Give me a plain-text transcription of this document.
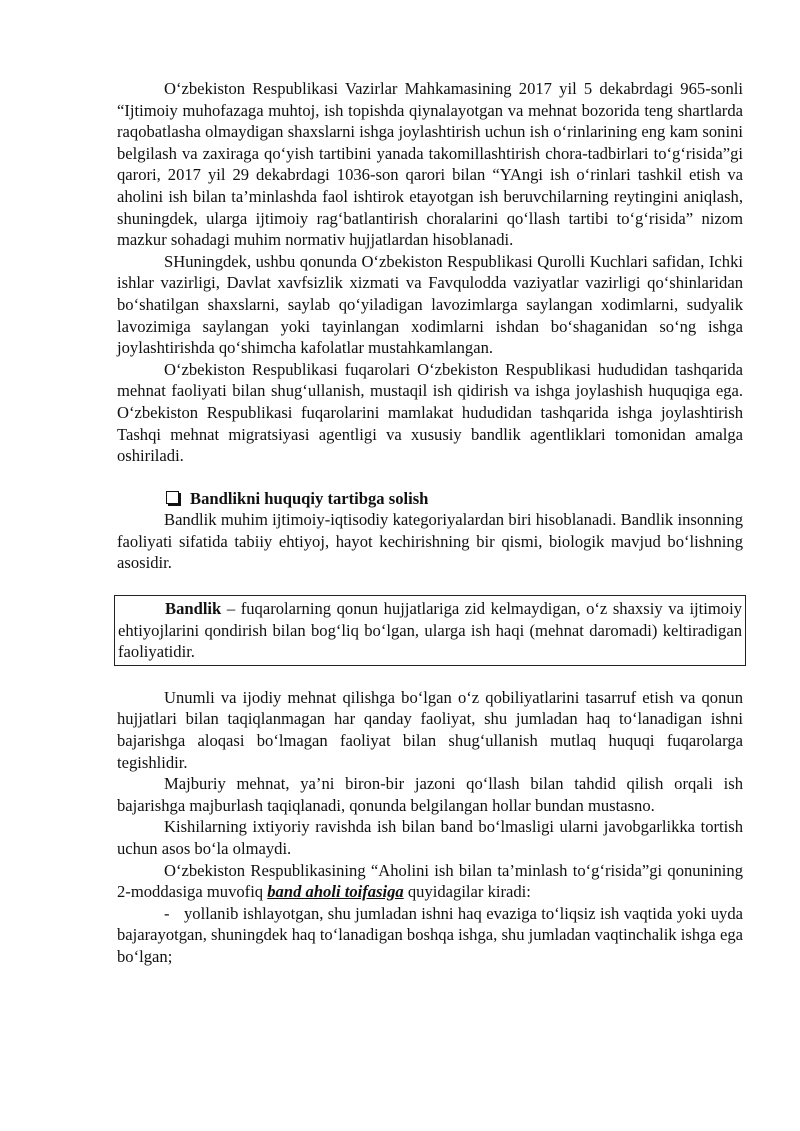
O‘zbekiston Respublikasi Vazirlar Mahkamasining 2017 yil 5 dekabrdagi 965-sonli “Ijtimoiy muhofazaga muhtoj, ish topishda qiynalayotgan va mehnat bozorida teng shartlarda raqobatlasha olmaydigan shaxslarni ishga joylashtirish uchun ish o‘rinlarining eng kam sonini belgilash va zaxiraga qo‘yish tartibini yanada takomillashtirish chora-tadbirlari to‘g‘risida”gi qarori, 2017 yil 29 dekabrdagi 1036-son qarori bilan “YAngi ish o‘rinlari tashkil etish va aholini ish bilan ta’minlashda faol ishtirok etayotgan ish beruvchilarning reytingini aniqlash, shuningdek, ularga ijtimoiy rag‘batlantirish choralarini qo‘llash tartibi to‘g‘risida” nizom mazkur sohadagi muhim normativ hujjatlardan hisoblanadi.

SHuningdek, ushbu qonunda O‘zbekiston Respublikasi Qurolli Kuchlari safidan, Ichki ishlar vazirligi, Davlat xavfsizlik xizmati va Favqulodda vaziyatlar vazirligi qo‘shinlaridan bo‘shatilgan shaxslarni, saylab qo‘yiladigan lavozimlarga saylangan xodimlarni, sudyalik lavozimiga saylangan yoki tayinlangan xodimlarni ishdan bo‘shaganidan so‘ng ishga joylashtirishda qo‘shimcha kafolatlar mustahkamlangan.

O‘zbekiston Respublikasi fuqarolari O‘zbekiston Respublikasi hududidan tashqarida mehnat faoliyati bilan shug‘ullanish, mustaqil ish qidirish va ishga joylashish huquqiga ega. O‘zbekiston Respublikasi fuqarolarini mamlakat hududidan tashqarida ishga joylashtirish Tashqi mehnat migratsiyasi agentligi va xususiy bandlik agentliklari tomonidan amalga oshiriladi.

Bandlikni huquqiy tartibga solish

Bandlik muhim ijtimoiy-iqtisodiy kategoriyalardan biri hisoblanadi. Bandlik insonning faoliyati sifatida tabiiy ehtiyoj, hayot kechirishning bir qismi, biologik mavjud bo‘lishning asosidir.

Bandlik – fuqarolarning qonun hujjatlariga zid kelmaydigan, o‘z shaxsiy va ijtimoiy ehtiyojlarini qondirish bilan bog‘liq bo‘lgan, ularga ish haqi (mehnat daromadi) keltiradigan faoliyatidir.

Unumli va ijodiy mehnat qilishga bo‘lgan o‘z qobiliyatlarini tasarruf etish va qonun hujjatlari bilan taqiqlanmagan har qanday faoliyat, shu jumladan haq to‘lanadigan ishni bajarishga aloqasi bo‘lmagan faoliyat bilan shug‘ullanish mutlaq huquqi fuqarolarga tegishlidir.

Majburiy mehnat, ya’ni biron-bir jazoni qo‘llash bilan tahdid qilish orqali ish bajarishga majburlash taqiqlanadi, qonunda belgilangan hollar bundan mustasno.

Kishilarning ixtiyoriy ravishda ish bilan band bo‘lmasligi ularni javobgarlikka tortish uchun asos bo‘la olmaydi.

O‘zbekiston Respublikasining “Aholini ish bilan ta’minlash to‘g‘risida”gi qonunining 2-moddasiga muvofiq band aholi toifasiga quyidagilar kiradi:

- yollanib ishlayotgan, shu jumladan ishni haq evaziga to‘liqsiz ish vaqtida yoki uyda bajarayotgan, shuningdek haq to‘lanadigan boshqa ishga, shu jumladan vaqtinchalik ishga ega bo‘lgan;
